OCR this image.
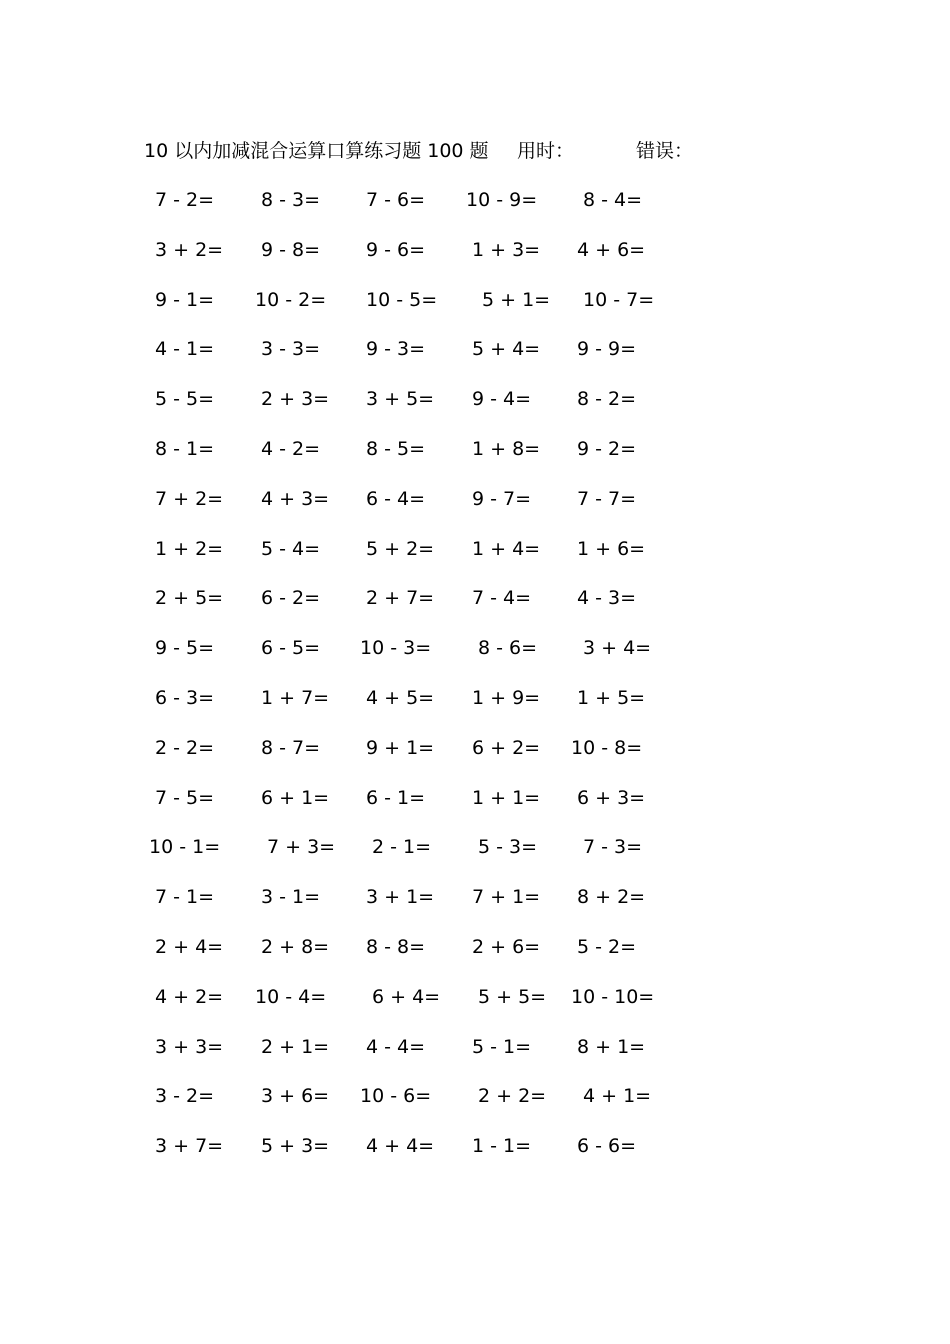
10 以内加减混合运算口算练习题 100 题 用时：	错误：
7 - 2=	8 - 3=	7 - 6=	10 - 9=	8 - 4=
3 + 2=	9 - 8=	9 - 6=	1 + 3=	4 + 6=
9 - 1=	10 - 2=	10 - 5=	5 + 1=	10 - 7=
4 - 1=	3 - 3=	9 - 3=	5 + 4=	9 - 9=
5 - 5=	2 + 3=	3 + 5=	9 - 4=	8 - 2=
8 - 1=	4 - 2=	8 - 5=	1 + 8=	9 - 2=
7 + 2=	4 + 3=	6 - 4=	9 - 7=	7 - 7=
1 + 2=	5 - 4=	5 + 2=	1 + 4=	1 + 6=
2 + 5=	6 - 2=	2 + 7=	7 - 4=	4 - 3=
9 - 5=	6 - 5=	10 - 3=	8 - 6=	3 + 4=
6 - 3=	1 + 7=	4 + 5=	1 + 9=	1 + 5=
2 - 2=	8 - 7=	9 + 1=	6 + 2=	10 - 8=
7 - 5=	6 + 1=	6 - 1=	1 + 1=	6 + 3=
10 - 1=	7 + 3=	2 - 1=	5 - 3=	7 - 3=
7 - 1=	3 - 1=	3 + 1=	7 + 1=	8 + 2=
2 + 4=	2 + 8=	8 - 8=	2 + 6=	5 - 2=
4 + 2=	10 - 4=	6 + 4=	5 + 5=	10 - 10=
3 + 3=	2 + 1=	4 - 4=	5 - 1=	8 + 1=
3 - 2=	3 + 6=	10 - 6=	2 + 2=	4 + 1=
3 + 7=	5 + 3=	4 + 4=	1 - 1=	6 - 6=
